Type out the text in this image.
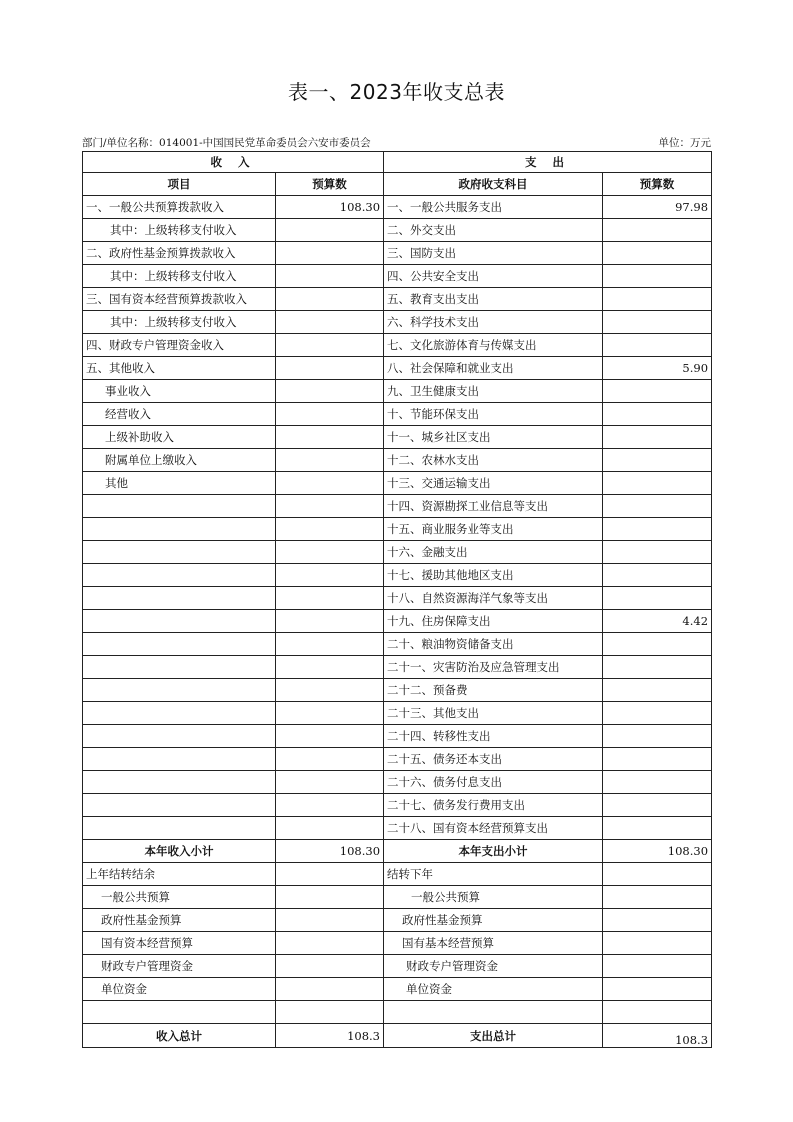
表一、2023年收支总表
部门/单位名称：014001-中国国民党革命委员会六安市委员会	单位：万元
收 入		支 出	
项目	预算数	政府收支科目	预算数
一、一般公共预算拨款收入	108.30	一、一般公共服务支出	97.98
其中：上级转移支付收入		二、外交支出	
二、政府性基金预算拨款收入		三、国防支出	
其中：上级转移支付收入		四、公共安全支出	
三、国有资本经营预算拨款收入		五、教育支出支出	
其中：上级转移支付收入		六、科学技术支出	
四、财政专户管理资金收入		七、文化旅游体育与传媒支出	
五、其他收入		八、社会保障和就业支出	5.90
事业收入		九、卫生健康支出	
经营收入		十、节能环保支出	
上级补助收入		十一、城乡社区支出	
附属单位上缴收入		十二、农林水支出	
其他		十三、交通运输支出	
		十四、资源勘探工业信息等支出	
		十五、商业服务业等支出	
		十六、金融支出	
		十七、援助其他地区支出	
		十八、自然资源海洋气象等支出	
		十九、住房保障支出	4.42
		二十、粮油物资储备支出	
		二十一、灾害防治及应急管理支出	
		二十二、预备费	
		二十三、其他支出	
		二十四、转移性支出	
		二十五、债务还本支出	
		二十六、债务付息支出	
		二十七、债务发行费用支出	
		二十八、国有资本经营预算支出	
本年收入小计	108.30	本年支出小计	108.30
上年结转结余		结转下年	
一般公共预算		一般公共预算	
政府性基金预算		政府性基金预算	
国有资本经营预算		国有基本经营预算	
财政专户管理资金		财政专户管理资金	
单位资金		单位资金	

收入总计	108.3	支出总计	108.3
